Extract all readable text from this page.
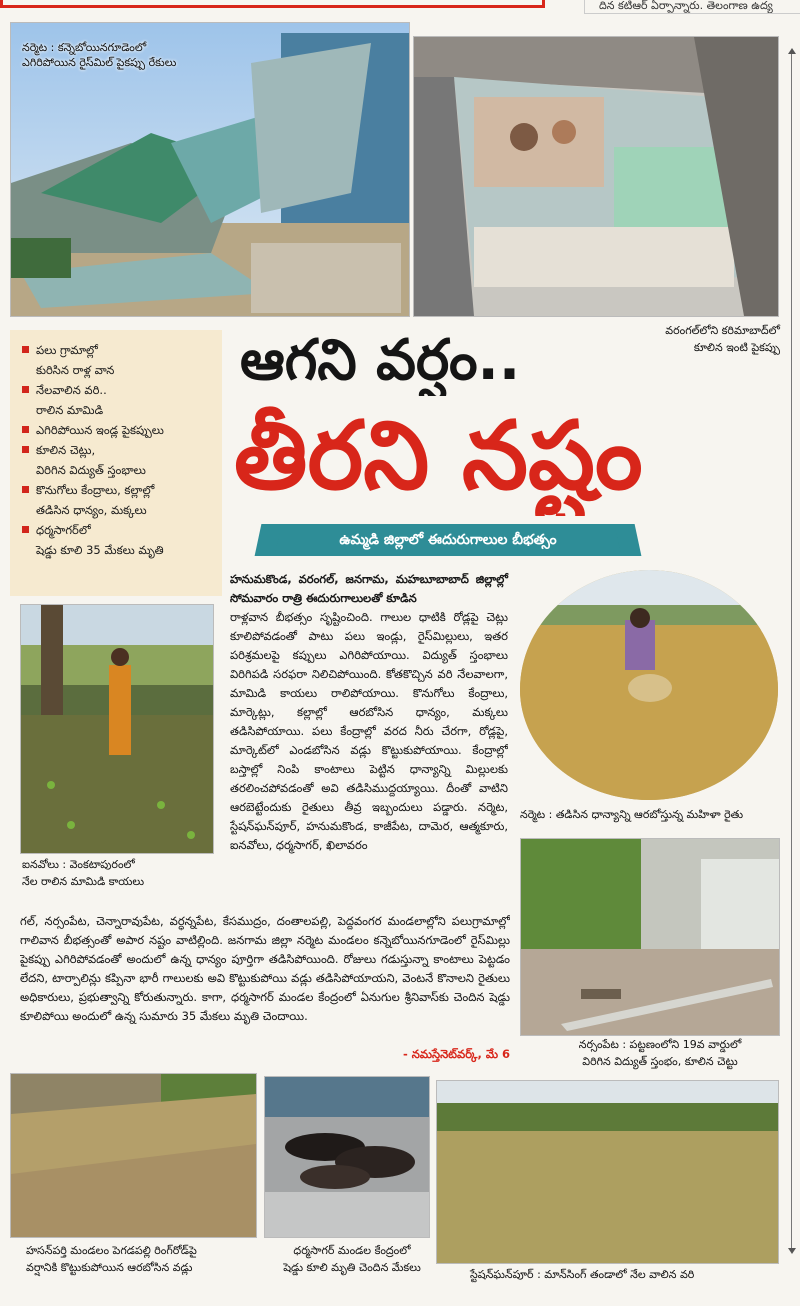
దిన కటిఆర్ ఏర్పాన్నారు. తెలంగాణ ఉద్య
నర్మెట : కన్నెబోయినగూడెంలో
ఎగిరిపోయిన రైస్‌మిల్ పైకప్పు రేకులు
వరంగల్‌లోని కరిమాబాద్‌లో
కూలిన ఇంటి పైకప్పు
పలు గ్రామాల్లో
కురిసిన రాళ్ల వాన
నేలవాలిన వరి..
రాలిన మామిడి
ఎగిరిపోయిన ఇండ్ల పైకప్పులు
కూలిన చెట్లు,
విరిగిన విద్యుత్ స్తంభాలు
కొనుగోలు కేంద్రాలు, కల్లాల్లో
తడిసిన ధాన్యం, మక్కలు
ధర్మసాగర్‌లో
షెడ్డు కూలి 35 మేకలు మృతి
ఆగని వర్షం..
తీరని నష్టం
ఉమ్మడి జిల్లాలో ఈదురుగాలుల బీభత్సం
ఐనవోలు : వెంకటాపురంలో
నేల రాలిన మామిడి కాయలు
హనుమకొండ, వరంగల్, జనగామ, మహబూబాబాద్ జిల్లాల్లో సోమవారం రాత్రి ఈదురుగాలులతో కూడిన
రాళ్లవాన బీభత్సం సృష్టించింది. గాలుల ధాటికి రోడ్లపై చెట్లు కూలిపోవడంతో పాటు పలు ఇండ్లు, రైస్‌మిల్లులు, ఇతర పరిశ్రమలపై కప్పులు ఎగిరిపోయాయి. విద్యుత్ స్తంభాలు విరిగిపడి సరఫరా నిలిచిపోయింది. కోతకొచ్చిన వరి నేలవాలగా, మామిడి కాయలు రాలిపోయాయి. కొనుగోలు కేంద్రాలు, మార్కెట్లు, కల్లాల్లో ఆరబోసిన ధాన్యం, మక్కలు తడిసిపోయాయి. పలు కేంద్రాల్లో వరద నీరు చేరగా, రోడ్లపై, మార్కెట్‌లో ఎండబోసిన వడ్లు కొట్టుకుపోయాయి. కేంద్రాల్లో బస్తాల్లో నింపి కాంటాలు పెట్టిన ధాన్యాన్ని మిల్లులకు తరలించపోవడంతో అవి తడిసిముద్దయ్యాయి. దీంతో వాటిని ఆరబెట్టేందుకు రైతులు తీవ్ర ఇబ్బందులు పడ్డారు. నర్మెట, స్టేషన్‌ఘన్‌పూర్, హనుమకొండ, కాజీపేట, దామెర, ఆత్మకూరు, ఐనవోలు, ధర్మసాగర్, ఖిలావరం
గల్, నర్సంపేట, చెన్నారావుపేట, వర్ధన్నపేట, కేసముద్రం, దంతాలపల్లి, పెద్దవంగర మండలాల్లోని పలుగ్రామాల్లో గాలివాన బీభత్సంతో అపార నష్టం వాటిల్లింది. జనగామ జిల్లా నర్మెట మండలం కన్నెబోయినగూడెంలో రైస్‌మిల్లు పైకప్పు ఎగిరిపోవడంతో అందులో ఉన్న ధాన్యం పూర్తిగా తడిసిపోయింది. రోజులు గడుస్తున్నా కాంటాలు పెట్టడం లేదని, టార్పాలిన్లు కప్పినా భారీ గాలులకు అవి కొట్టుకుపోయి వడ్లు తడిసిపోయాయని, వెంటనే కొనాలని రైతులు అధికారులు, ప్రభుత్వాన్ని కోరుతున్నారు. కాగా, ధర్మసాగర్ మండల కేంద్రంలో ఏనుగుల శ్రీనివాస్‌కు చెందిన షెడ్డు కూలిపోయి అందులో ఉన్న సుమారు 35 మేకలు మృతి చెందాయి.
- నమస్తేనెట్‌వర్క్, మే 6
నర్మెట : తడిసిన ధాన్యాన్ని ఆరబోస్తున్న మహిళా రైతు
నర్సంపేట : పట్టణంలోని 19వ వార్డులో
విరిగిన విద్యుత్ స్తంభం, కూలిన చెట్టు
హసన్‌పర్తి మండలం పెగడపల్లి రింగ్‌రోడ్‌పై
వర్షానికి కొట్టుకుపోయిన ఆరబోసిన వడ్లు
ధర్మసాగర్ మండల కేంద్రంలో
షెడ్డు కూలి మృతి చెందిన మేకలు
స్టేషన్‌ఘన్‌పూర్ : మాన్‌సింగ్ తండాలో నేల వాలిన వరి
